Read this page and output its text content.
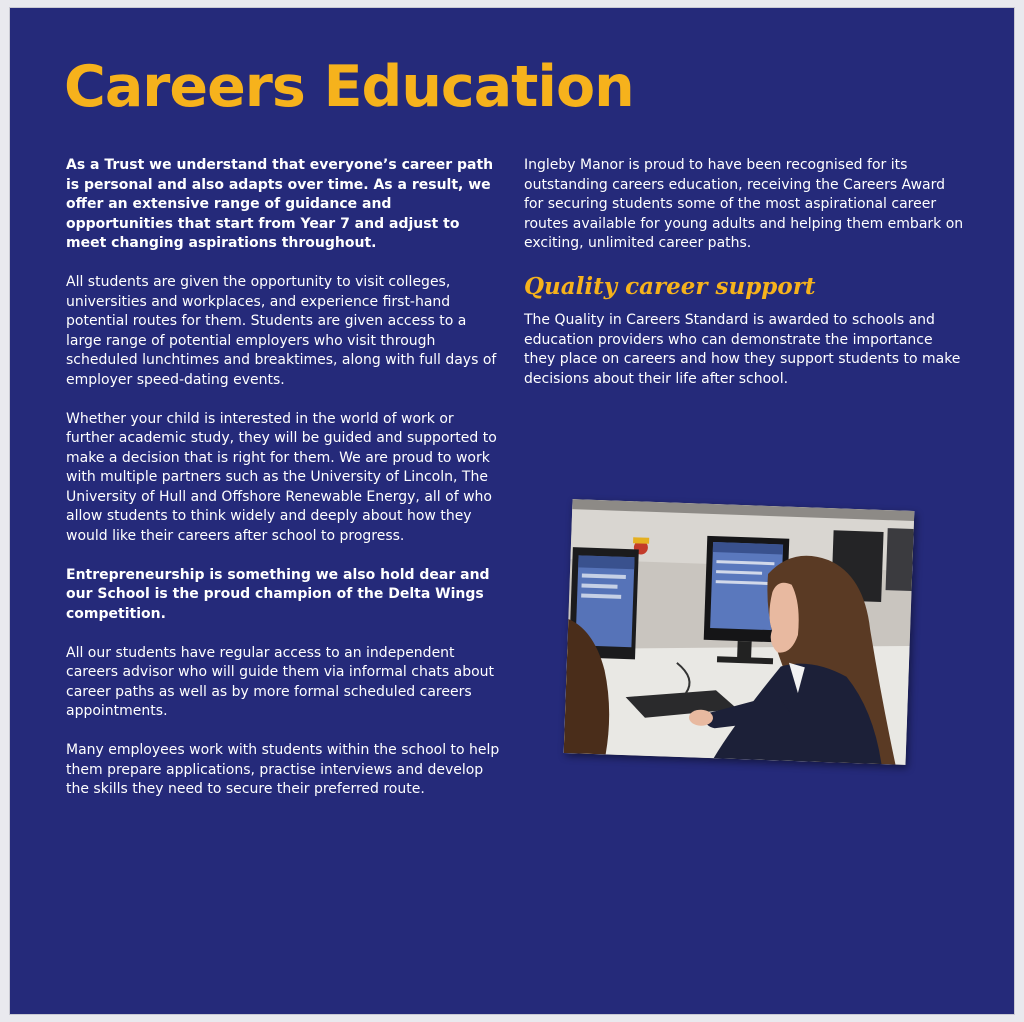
Careers Education

As a Trust we understand that everyone’s career path is personal and also adapts over time. As a result, we offer an extensive range of guidance and opportunities that start from Year 7 and adjust to meet changing aspirations throughout.

All students are given the opportunity to visit colleges, universities and workplaces, and experience first-hand potential routes for them. Students are given access to a large range of potential employers who visit through scheduled lunchtimes and breaktimes, along with full days of employer speed-dating events.

Whether your child is interested in the world of work or further academic study, they will be guided and supported to make a decision that is right for them. We are proud to work with multiple partners such as the University of Lincoln, The University of Hull and Offshore Renewable Energy, all of who allow students to think widely and deeply about how they would like their careers after school to progress.

Entrepreneurship is something we also hold dear and our School is the proud champion of the Delta Wings competition.

All our students have regular access to an independent careers advisor who will guide them via informal chats about career paths as well as by more formal scheduled careers appointments.

Many employees work with students within the school to help them prepare applications, practise interviews and develop the skills they need to secure their preferred route.

Ingleby Manor is proud to have been recognised for its outstanding careers education, receiving the Careers Award for securing students some of the most aspirational career routes available for young adults and helping them embark on exciting, unlimited career paths.

Quality career support

The Quality in Careers Standard is awarded to schools and education providers who can demonstrate the importance they place on careers and how they support students to make decisions about their life after school.
